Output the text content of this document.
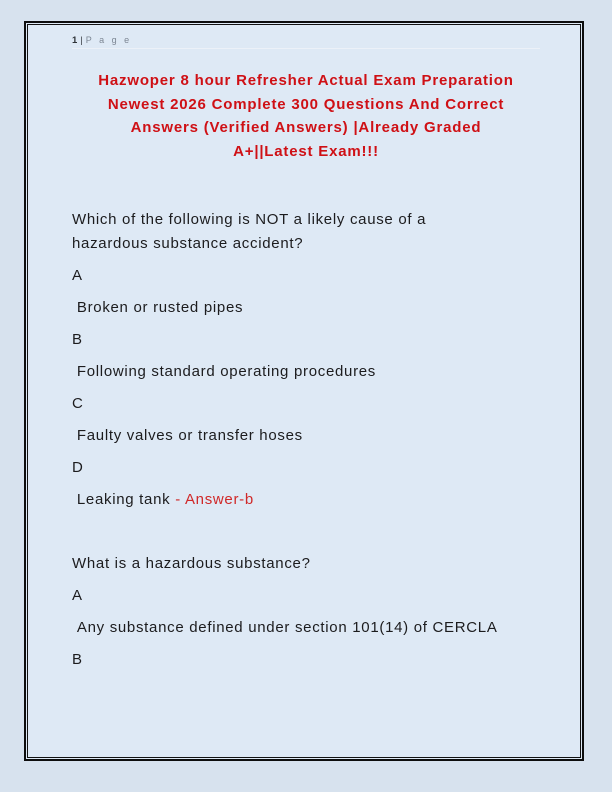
1 | P a g e
Hazwoper 8 hour Refresher Actual Exam Preparation
Newest 2026 Complete 300 Questions And Correct
Answers (Verified Answers) |Already Graded
A+||Latest Exam!!!

Which of the following is NOT a likely cause of a hazardous substance accident?

A

Broken or rusted pipes

B

Following standard operating procedures

C

Faulty valves or transfer hoses

D

Leaking tank - Answer-b

What is a hazardous substance?

A

Any substance defined under section 101(14) of CERCLA

B
